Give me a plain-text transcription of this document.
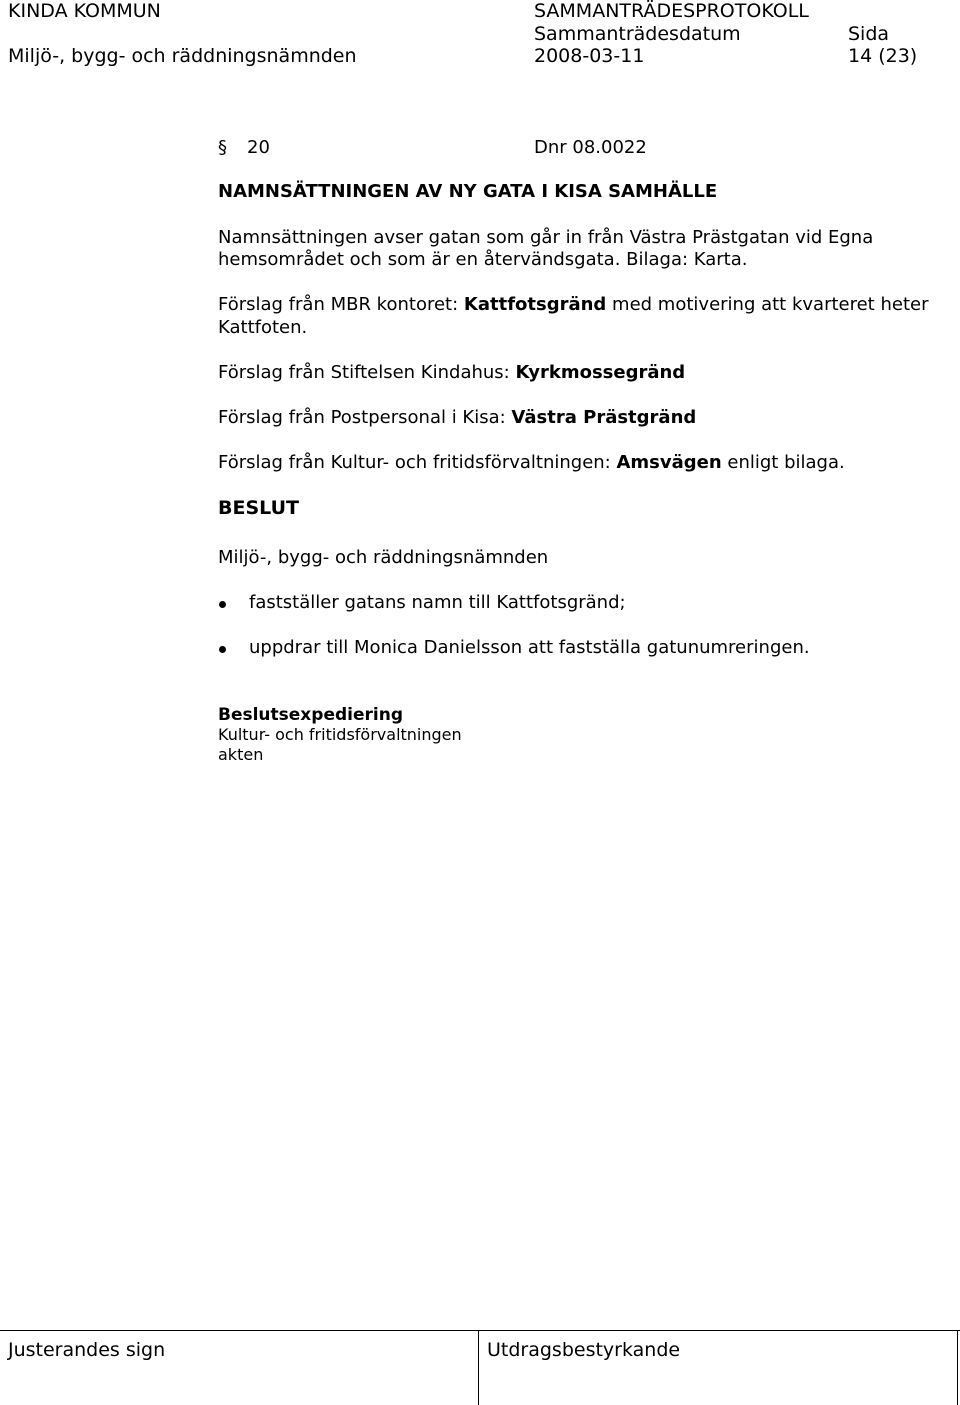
KINDA KOMMUN
Miljö-, bygg- och räddningsnämnden
SAMMANTRÄDESPROTOKOLL
Sammanträdesdatum
2008-03-11
Sida
14 (23)
§ 20	Dnr 08.0022
NAMNSÄTTNINGEN AV NY GATA I KISA SAMHÄLLE
Namnsättningen avser gatan som går in från Västra Prästgatan vid Egna
hemsområdet och som är en återvändsgata. Bilaga: Karta.
Förslag från MBR kontoret: Kattfotsgränd med motivering att kvarteret heter
Kattfoten.
Förslag från Stiftelsen Kindahus: Kyrkmossegränd
Förslag från Postpersonal i Kisa: Västra Prästgränd
Förslag från Kultur- och fritidsförvaltningen: Amsvägen enligt bilaga.
BESLUT
Miljö-, bygg- och räddningsnämnden
fastställer gatans namn till Kattfotsgränd;
uppdrar till Monica Danielsson att fastställa gatunumreringen.
Beslutsexpediering
Kultur- och fritidsförvaltningen
akten
Justerandes sign	Utdragsbestyrkande
